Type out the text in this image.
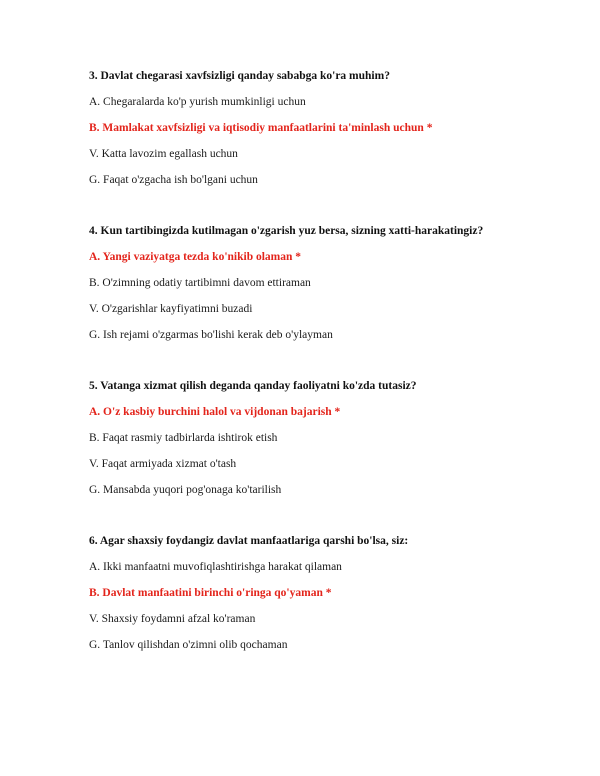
3. Davlat chegarasi xavfsizligi qanday sababga ko'ra muhim?

A. Chegaralarda ko'p yurish mumkinligi uchun

B. Mamlakat xavfsizligi va iqtisodiy manfaatlarini ta'minlash uchun *

V. Katta lavozim egallash uchun

G. Faqat o'zgacha ish bo'lgani uchun

4. Kun tartibingizda kutilmagan o'zgarish yuz bersa, sizning xatti-harakatingiz?

A. Yangi vaziyatga tezda ko'nikib olaman *

B. O'zimning odatiy tartibimni davom ettiraman

V. O'zgarishlar kayfiyatimni buzadi

G. Ish rejami o'zgarmas bo'lishi kerak deb o'ylayman

5. Vatanga xizmat qilish deganda qanday faoliyatni ko'zda tutasiz?

A. O'z kasbiy burchini halol va vijdonan bajarish *

B. Faqat rasmiy tadbirlarda ishtirok etish

V. Faqat armiyada xizmat o'tash

G. Mansabda yuqori pog'onaga ko'tarilish

6. Agar shaxsiy foydangiz davlat manfaatlariga qarshi bo'lsa, siz:

A. Ikki manfaatni muvofiqlashtirishga harakat qilaman

B. Davlat manfaatini birinchi o'ringa qo'yaman *

V. Shaxsiy foydamni afzal ko'raman

G. Tanlov qilishdan o'zimni olib qochaman
